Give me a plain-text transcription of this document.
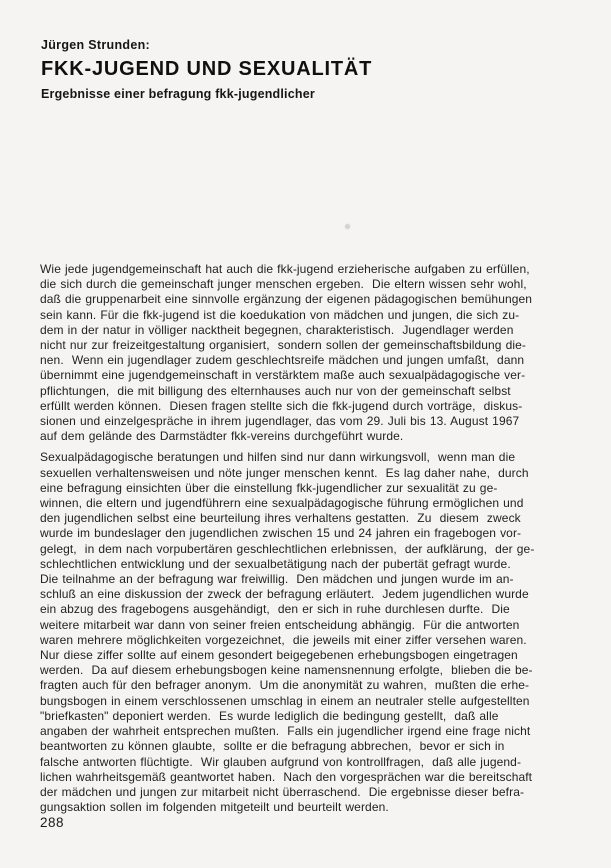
Jürgen Strunden:
FKK-JUGEND UND SEXUALITÄT
Ergebnisse einer befragung fkk-jugendlicher
Wie jede jugendgemeinschaft hat auch die fkk-jugend erzieherische aufgaben zu erfüllen,
die sich durch die gemeinschaft junger menschen ergeben.  Die eltern wissen sehr wohl,
daß die gruppenarbeit eine sinnvolle ergänzung der eigenen pädagogischen bemühungen
sein kann. Für die fkk-jugend ist die koedukation von mädchen und jungen, die sich zu-
dem in der natur in völliger nacktheit begegnen, charakteristisch.  Jugendlager werden
nicht nur zur freizeitgestaltung organisiert,  sondern sollen der gemeinschaftsbildung die-
nen.  Wenn ein jugendlager zudem geschlechtsreife mädchen und jungen umfaßt,  dann
übernimmt eine jugendgemeinschaft in verstärktem maße auch sexualpädagogische ver-
pflichtungen,  die mit billigung des elternhauses auch nur von der gemeinschaft selbst
erfüllt werden können.  Diesen fragen stellte sich die fkk-jugend durch vorträge,  diskus-
sionen und einzelgespräche in ihrem jugendlager, das vom 29. Juli bis 13. August 1967
auf dem gelände des Darmstädter fkk-vereins durchgeführt wurde.
Sexualpädagogische beratungen und hilfen sind nur dann wirkungsvoll,  wenn man die
sexuellen verhaltensweisen und nöte junger menschen kennt.  Es lag daher nahe,  durch
eine befragung einsichten über die einstellung fkk-jugendlicher zur sexualität zu ge-
winnen, die eltern und jugendführern eine sexualpädagogische führung ermöglichen und
den jugendlichen selbst eine beurteilung ihres verhaltens gestatten.  Zu  diesem  zweck
wurde im bundeslager den jugendlichen zwischen 15 und 24 jahren ein fragebogen vor-
gelegt,  in dem nach vorpubertären geschlechtlichen erlebnissen,  der aufklärung,  der ge-
schlechtlichen entwicklung und der sexualbetätigung nach der pubertät gefragt wurde.
Die teilnahme an der befragung war freiwillig.  Den mädchen und jungen wurde im an-
schluß an eine diskussion der zweck der befragung erläutert.  Jedem jugendlichen wurde
ein abzug des fragebogens ausgehändigt,  den er sich in ruhe durchlesen durfte.  Die
weitere mitarbeit war dann von seiner freien entscheidung abhängig.  Für die antworten
waren mehrere möglichkeiten vorgezeichnet,  die jeweils mit einer ziffer versehen waren.
Nur diese ziffer sollte auf einem gesondert beigegebenen erhebungsbogen eingetragen
werden.  Da auf diesem erhebungsbogen keine namensnennung erfolgte,  blieben die be-
fragten auch für den befrager anonym.  Um die anonymität zu wahren,  mußten die erhe-
bungsbogen in einem verschlossenen umschlag in einem an neutraler stelle aufgestellten
"briefkasten" deponiert werden.  Es wurde lediglich die bedingung gestellt,  daß alle
angaben der wahrheit entsprechen mußten.  Falls ein jugendlicher irgend eine frage nicht
beantworten zu können glaubte,  sollte er die befragung abbrechen,  bevor er sich in
falsche antworten flüchtigte.  Wir glauben aufgrund von kontrollfragen,  daß alle jugend-
lichen wahrheitsgemäß geantwortet haben.  Nach den vorgesprächen war die bereitschaft
der mädchen und jungen zur mitarbeit nicht überraschend.  Die ergebnisse dieser befra-
gungsaktion sollen im folgenden mitgeteilt und beurteilt werden.
288
